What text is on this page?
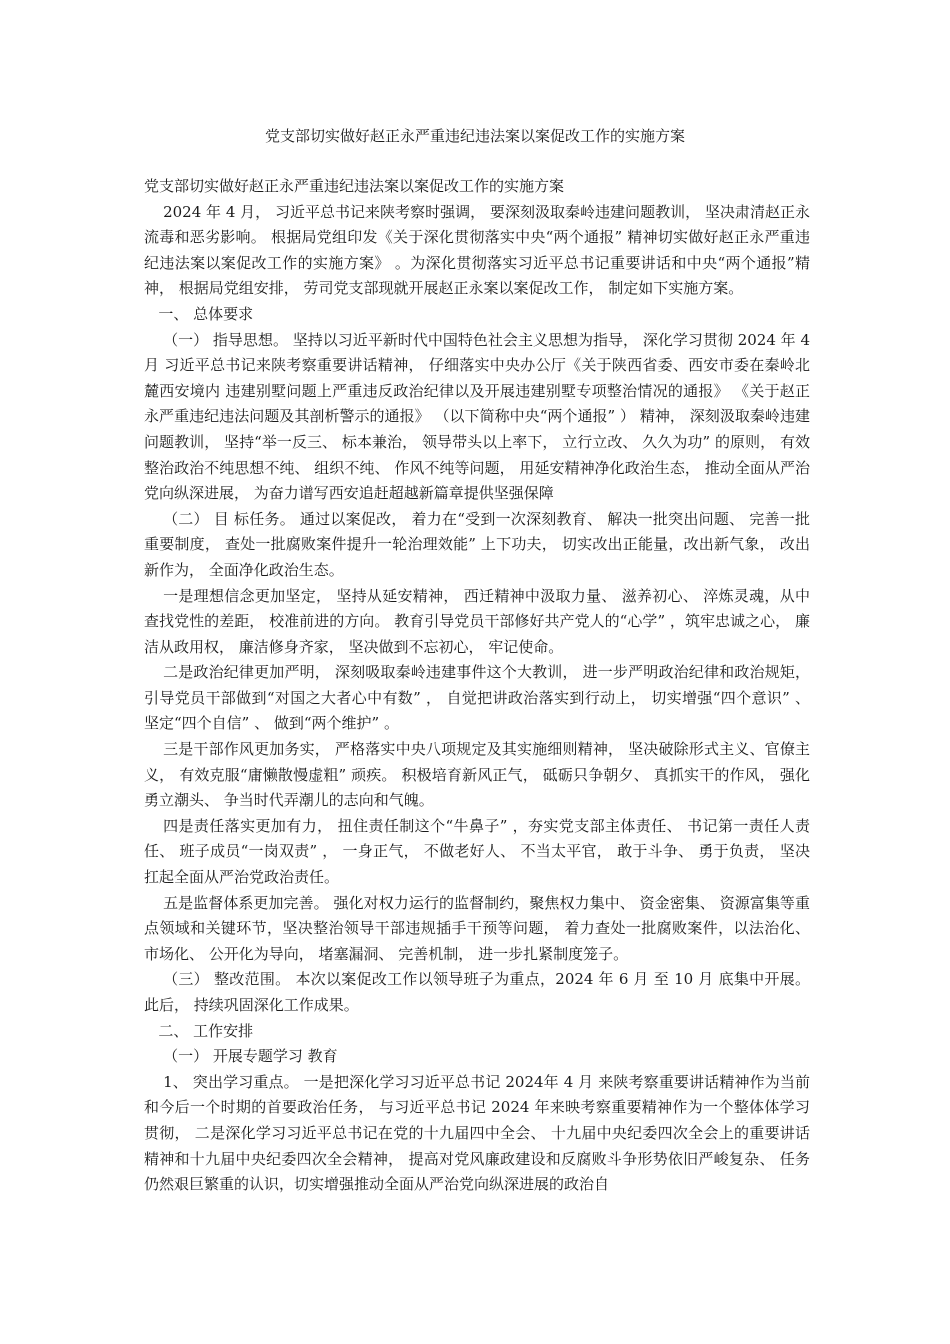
党支部切实做好赵正永严重违纪违法案以案促改工作的实施方案

党支部切实做好赵正永严重违纪违法案以案促改工作的实施方案

2024 年 4 月， 习近平总书记来陕考察时强调， 要深刻汲取秦岭违建问题教训， 坚决肃清赵正永流毒和恶劣影响。 根据局党组印发《关于深化贯彻落实中央“两个通报” 精神切实做好赵正永严重违纪违法案以案促改工作的实施方案》 。为深化贯彻落实习近平总书记重要讲话和中央“两个通报”精神， 根据局党组安排， 劳司党支部现就开展赵正永案以案促改工作， 制定如下实施方案。

一、 总体要求

（一） 指导思想。 坚持以习近平新时代中国特色社会主义思想为指导， 深化学习贯彻 2024 年 4 月 习近平总书记来陕考察重要讲话精神， 仔细落实中央办公厅《关于陕西省委、西安市委在秦岭北麓西安境内 违建别墅问题上严重违反政治纪律以及开展违建别墅专项整治情况的通报》 《关于赵正永严重违纪违法问题及其剖析警示的通报》 （以下简称中央“两个通报” ） 精神， 深刻汲取秦岭违建问题教训， 坚持“举一反三、 标本兼治， 领导带头以上率下， 立行立改、 久久为功” 的原则， 有效整治政治不纯思想不纯、 组织不纯、 作风不纯等问题， 用延安精神净化政治生态， 推动全面从严治党向纵深进展， 为奋力谱写西安追赶超越新篇章提供坚强保障

（二） 目 标任务。 通过以案促改， 着力在“受到一次深刻教育、 解决一批突出问题、 完善一批重要制度， 查处一批腐败案件提升一轮治理效能” 上下功夫， 切实改出正能量，改出新气象， 改出新作为， 全面净化政治生态。

一是理想信念更加坚定， 坚持从延安精神， 西迁精神中汲取力量、 滋养初心、 淬炼灵魂，从中查找党性的差距， 校准前进的方向。 教育引导党员干部修好共产党人的“心学” ，筑牢忠诚之心， 廉洁从政用权， 廉洁修身齐家， 坚决做到不忘初心， 牢记使命。

二是政治纪律更加严明， 深刻吸取秦岭违建事件这个大教训， 进一步严明政治纪律和政治规矩， 引导党员干部做到“对国之大者心中有数” ， 自觉把讲政治落实到行动上， 切实增强“四个意识” 、 坚定“四个自信” 、 做到“两个维护” 。

三是干部作风更加务实， 严格落实中央八项规定及其实施细则精神， 坚决破除形式主义、官僚主义， 有效克服“庸懒散慢虚粗” 顽疾。 积极培育新风正气， 砥砺只争朝夕、 真抓实干的作风， 强化勇立潮头、 争当时代弄潮儿的志向和气魄。

四是责任落实更加有力， 扭住责任制这个“牛鼻子” ，夯实党支部主体责任、 书记第一责任人责任、 班子成员“一岗双责” ， 一身正气， 不做老好人、 不当太平官， 敢于斗争、 勇于负责， 坚决扛起全面从严治党政治责任。

五是监督体系更加完善。 强化对权力运行的监督制约，聚焦权力集中、 资金密集、 资源富集等重点领域和关键环节，坚决整治领导干部违规插手干预等问题， 着力查处一批腐败案件，以法治化、 市场化、 公开化为导向， 堵塞漏洞、 完善机制， 进一步扎紧制度笼子。

（三） 整改范围。 本次以案促改工作以领导班子为重点，2024 年 6 月 至 10 月 底集中开展。 此后， 持续巩固深化工作成果。

二、 工作安排

（一） 开展专题学习 教育

1、 突出学习重点。 一是把深化学习习近平总书记 2024年 4 月 来陕考察重要讲话精神作为当前和今后一个时期的首要政治任务， 与习近平总书记 2024 年来映考察重要精神作为一个整体体学习贯彻， 二是深化学习习近平总书记在党的十九届四中全会、 十九届中央纪委四次全会上的重要讲话精神和十九届中央纪委四次全会精神， 提高对党风廉政建设和反腐败斗争形势依旧严峻复杂、 任务仍然艰巨繁重的认识，切实增强推动全面从严治党向纵深进展的政治自
